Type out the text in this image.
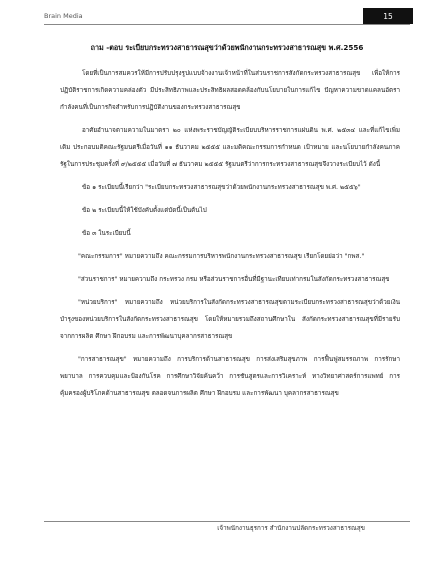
Brain Media	15
ถาม -ตอบ ระเบียบกระทรวงสาธารณสุขว่าด้วยพนักงานกระทรวงสาธารณสุข พ.ศ.2556

โดยที่เป็นการสมควรให้มีการปรับปรุงรูปแบบจ้างงานเจ้าหน้าที่ในส่วนราชการสังกัดกระทรวงสาธารณสุข เพื่อให้การปฏิบัติราชการเกิดความคล่องตัว มีประสิทธิภาพและประสิทธิผลสอดคล้องกับนโยบายในการแก้ไข ปัญหาความขาดแคลนอัตรากำลังคนที่เป็นการกิจสำหรับการปฏิบัติงานของกระทรวงสาธารณสุข

อาศัยอำนาจตามความในมาตรา ๒๐ แห่งพระราชบัญญัติระเบียบบริหารราชการแผ่นดิน พ.ศ. ๒๕๓๔ และที่แก้ไขเพิ่มเติม ประกอบมติคณะรัฐมนตรีเมื่อวันที่ ๑๑ ธันวาคม ๒๕๕๕ และมติคณะกรรมการกำหนด เป้าหมาย และนโยบายกำลังคนภาครัฐในการประชุมครั้งที่ ๙/๒๕๕๕ เมื่อวันที่ ๗ ธันวาคม ๒๕๕๕ รัฐมนตรีว่าการกระทรวงสาธารณสุขจึงวางระเบียบไว้ ดังนี้

ข้อ ๑ ระเบียบนี้เรียกว่า "ระเบียบกระทรวงสาธารณสุขว่าด้วยพนักงานกระทรวงสาธารณสุข พ.ศ. ๒๕๕๖"

ข้อ ๒ ระเบียบนี้ให้ใช้บังคับตั้งแต่บัดนี้เป็นต้นไป

ข้อ ๓ ในระเบียบนี้

"คณะกรรมการ" หมายความถึง คณะกรรมการบริหารพนักงานกระทรวงสาธารณสุข เรียกโดยย่อว่า "กพส."

"ส่วนราชการ" หมายความถึง กระทรวง กรม หรือส่วนราชการอื่นที่มีฐานะเทียบเท่ากรมในสังกัดกระทรวงสาธารณสุข

"หน่วยบริการ" หมายความถึง หน่วยบริการในสังกัดกระทรวงสาธารณสุขตามระเบียบกระทรวงสาธารณสุขว่าด้วยเงินบำรุงของหน่วยบริการในสังกัดกระทรวงสาธารณสุข โดยให้หมายรวมถึงสถานศึกษาใน สังกัดกระทรวงสาธารณสุขที่มีรายรับจากการผลิต ศึกษา ฝึกอบรม และการพัฒนาบุคลากรสาธารณสุข

"การสาธารณสุข" หมายความถึง การบริการด้านสาธารณสุข การส่งเสริมสุขภาพ การฟื้นฟูสมรรถภาพ การรักษาพยาบาล การควบคุมและป้องกันโรค การศึกษาวิจัยค้นคว้า การชันสูตรและการวิเคราะห์ ทางวิทยาศาสตร์การแพทย์ การคุ้มครองผู้บริโภคด้านสาธารณสุข ตลอดจนการผลิต ศึกษา ฝึกอบรม และการพัฒนา บุคลากรสาธารณสุข

เจ้าพนักงานธุรการ สำนักงานปลัดกระทรวงสาธารณสุข
